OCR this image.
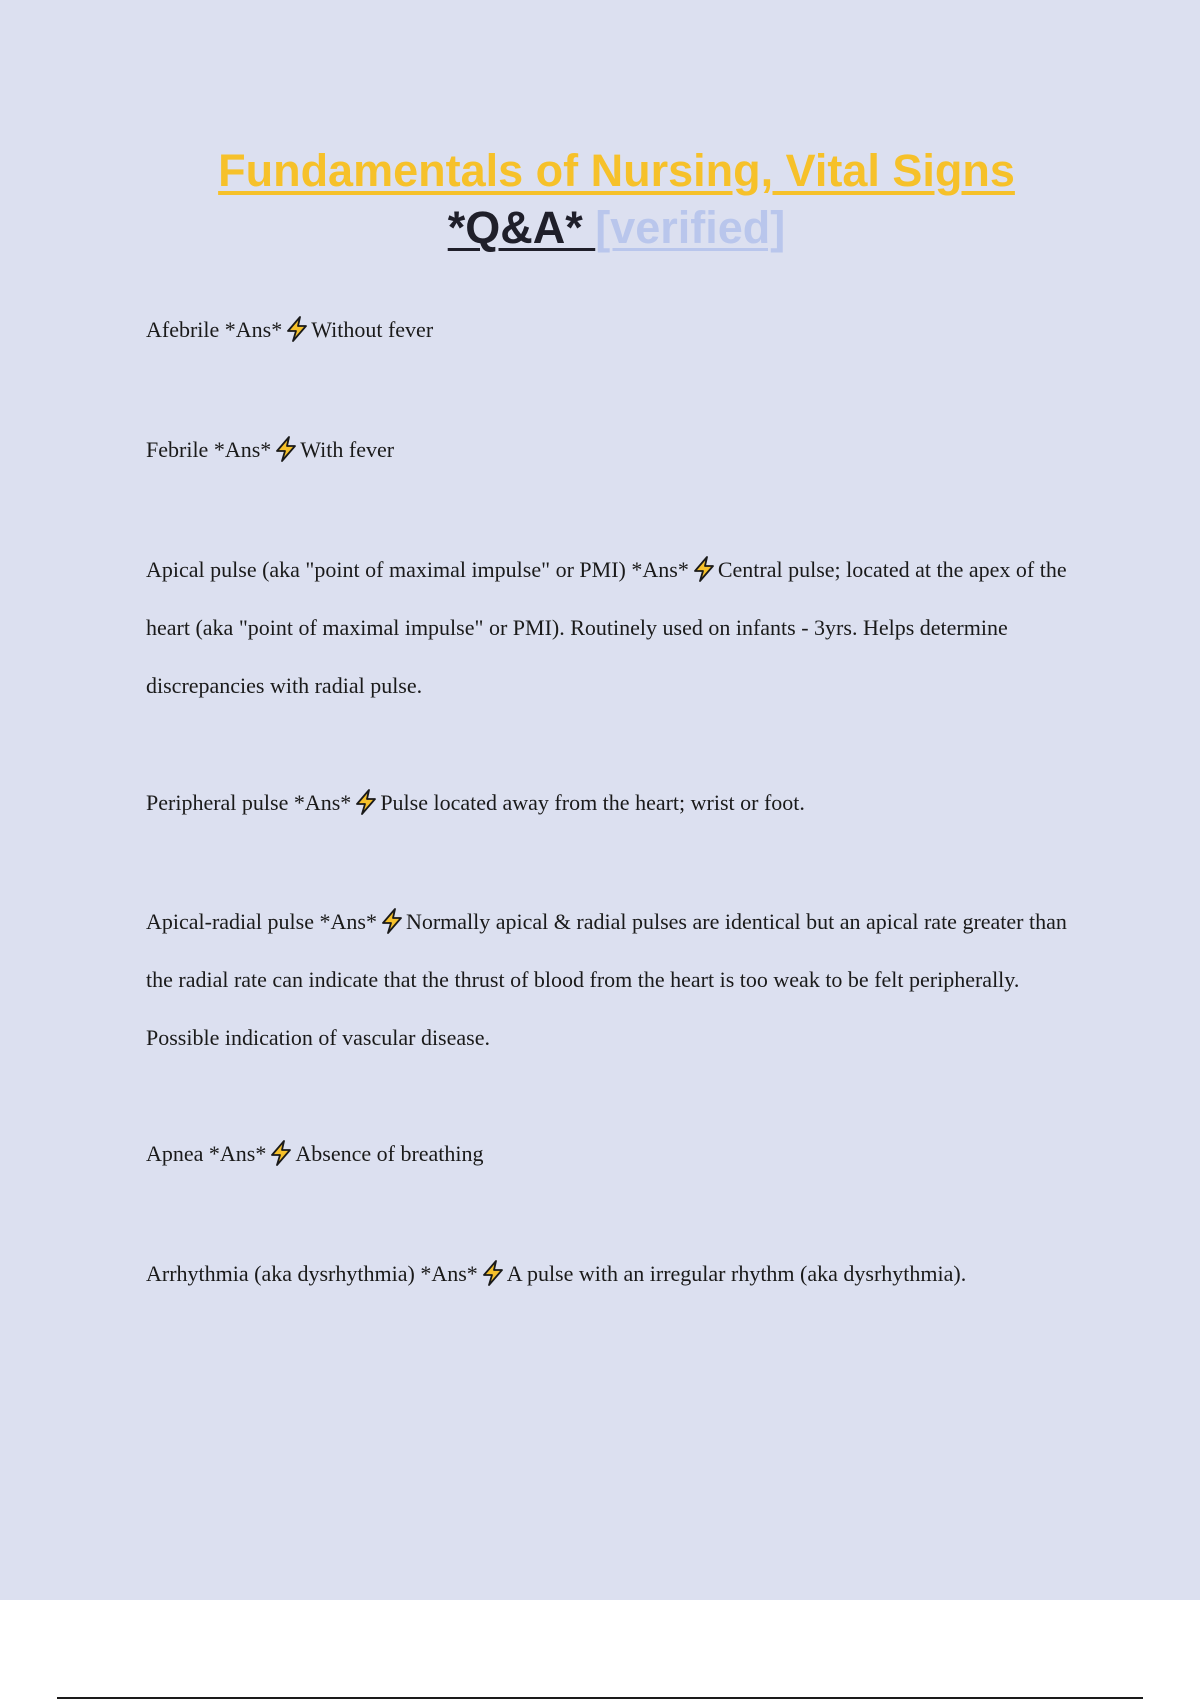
Fundamentals of Nursing, Vital Signs
*Q&A* [verified]
Afebrile *Ans* Without fever
Febrile *Ans* With fever
Apical pulse (aka "point of maximal impulse" or PMI) *Ans* Central pulse; located at the apex of the heart (aka "point of maximal impulse" or PMI). Routinely used on infants - 3yrs. Helps determine discrepancies with radial pulse.
Peripheral pulse *Ans* Pulse located away from the heart; wrist or foot.
Apical-radial pulse *Ans* Normally apical & radial pulses are identical but an apical rate greater than the radial rate can indicate that the thrust of blood from the heart is too weak to be felt peripherally. Possible indication of vascular disease.
Apnea *Ans* Absence of breathing
Arrhythmia (aka dysrhythmia) *Ans* A pulse with an irregular rhythm (aka dysrhythmia).
